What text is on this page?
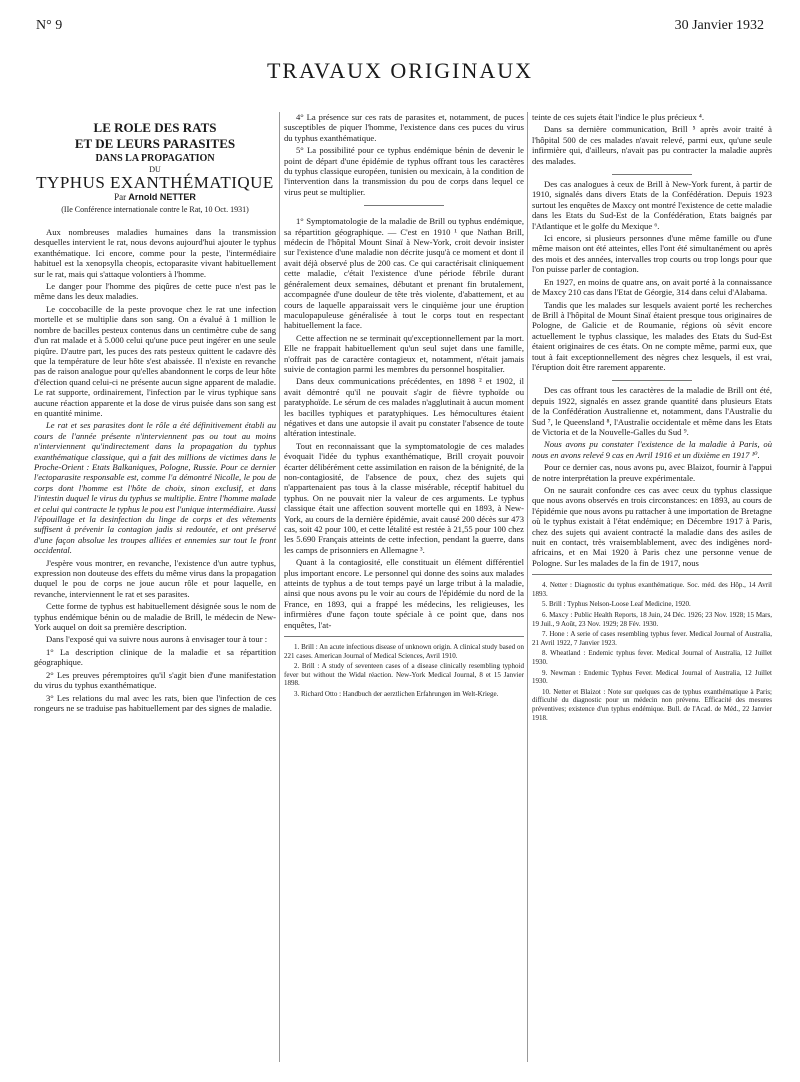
N° 9	30 Janvier 1932
TRAVAUX ORIGINAUX
LE ROLE DES RATS
ET DE LEURS PARASITES
DANS LA PROPAGATION
DU
TYPHUS EXANTHÉMATIQUE
Par Arnold NETTER
(IIe Conférence internationale contre le Rat, 10 Oct. 1931)

Aux nombreuses maladies humaines dans la transmission desquelles intervient le rat, nous devons aujourd'hui ajouter le typhus exanthématique. Ici encore, comme pour la peste, l'intermédiaire habituel est la xenopsylla cheopis, ectoparasite vivant habituellement sur le rat, mais qui s'attaque volontiers à l'homme.

Le danger pour l'homme des piqûres de cette puce n'est pas le même dans les deux maladies.

Le coccobacille de la peste provoque chez le rat une infection mortelle et se multiplie dans son sang. On a évalué à 1 million le nombre de bacilles pesteux contenus dans un centimètre cube de sang d'un rat malade et à 5.000 celui qu'une puce peut ingérer en une seule piqûre. D'autre part, les puces des rats pesteux quittent le cadavre dès que la température de leur hôte s'est abaissée. Il n'existe en revanche pas de raison analogue pour qu'elles abandonnent le corps de leur hôte d'élection quand celui-ci ne présente aucun signe apparent de maladie. Le rat supporte, ordinairement, l'infection par le virus typhique sans aucune réaction apparente et la dose de virus puisée dans son sang est en quantité minime.

Le rat et ses parasites dont le rôle a été définitivement établi au cours de l'année présente n'interviennent pas ou tout au moins n'interviennent qu'indirectement dans la propagation du typhus exanthématique classique, qui a fait des millions de victimes dans le Proche-Orient : Etats Balkaniques, Pologne, Russie. Pour ce dernier l'ectoparasite responsable est, comme l'a démontré Nicolle, le pou de corps dont l'homme est l'hôte de choix, sinon exclusif, et dans l'intestin duquel le virus du typhus se multiplie. Entre l'homme malade et celui qui contracte le typhus le pou est l'unique intermédiaire. Aussi l'épouillage et la desinfection du linge de corps et des vêtements suffisent à prévenir la contagion jadis si redoutée, et ont préservé d'une façon absolue les troupes alliées et ennemies sur tout le front occidental.

J'espère vous montrer, en revanche, l'existence d'un autre typhus, expression non douteuse des effets du même virus dans la propagation duquel le pou de corps ne joue aucun rôle et pour laquelle, en revanche, interviennent le rat et ses parasites.

Cette forme de typhus est habituellement désignée sous le nom de typhus endémique bénin ou de maladie de Brill, le médecin de New-York auquel on doit sa première description.

Dans l'exposé qui va suivre nous aurons à envisager tour à tour :

1° La description clinique de la maladie et sa répartition géographique.

2° Les preuves péremptoires qu'il s'agit bien d'une manifestation du virus du typhus exanthématique.

3° Les relations du mal avec les rats, bien que l'infection de ces rongeurs ne se traduise pas habituellement par des signes de maladie.

4° La présence sur ces rats de parasites et, notamment, de puces susceptibles de piquer l'homme, l'existence dans ces puces du virus du typhus exanthématique.

5° La possibilité pour ce typhus endémique bénin de devenir le point de départ d'une épidémie de typhus offrant tous les caractères du typhus classique européen, tunisien ou mexicain, à la condition de l'intervention dans la transmission du pou de corps dans lequel ce virus peut se multiplier.

1° Symptomatologie de la maladie de Brill ou typhus endémique, sa répartition géographique. — C'est en 1910 ¹ que Nathan Brill, médecin de l'hôpital Mount Sinaï à New-York, croit devoir insister sur l'existence d'une maladie non décrite jusqu'à ce moment et dont il avait déjà observé plus de 200 cas. Ce qui caractérisait cliniquement cette maladie, c'était l'existence d'une période fébrile durant généralement deux semaines, débutant et prenant fin brutalement, accompagnée d'une douleur de tête très violente, d'abattement, et au cours de laquelle apparaissait vers le cinquième jour une éruption maculopapuleuse généralisée à tout le corps tout en respectant habituellement la face.

Cette affection ne se terminait qu'exceptionnellement par la mort. Elle ne frappait habituellement qu'un seul sujet dans une famille, n'offrait pas de caractère contagieux et, notamment, n'était jamais suivie de contagion parmi les membres du personnel hospitalier.

Dans deux communications précédentes, en 1898 ² et 1902, il avait démontré qu'il ne pouvait s'agir de fièvre typhoïde ou paratyphoïde. Le sérum de ces malades n'agglutinait à aucun moment les bacilles typhiques et paratyphiques. Les hémocultures étaient négatives et dans une autopsie il avait pu constater l'absence de toute altération intestinale.

Tout en reconnaissant que la symptomatologie de ces malades évoquait l'idée du typhus exanthématique, Brill croyait pouvoir écarter délibérément cette assimilation en raison de la bénignité, de la non-contagiosité, de l'absence de poux, chez des sujets qui n'appartenaient pas tous à la classe misérable, réceptif habituel du typhus. On ne pouvait nier la valeur de ces arguments. Le typhus classique était une affection souvent mortelle qui en 1893, à New-York, au cours de la dernière épidémie, avait causé 200 décès sur 473 cas, soit 42 pour 100, et cette létalité est restée à 21,55 pour 100 chez les 5.690 Français atteints de cette infection, pendant la guerre, dans les camps de prisonniers en Allemagne ³.

Quant à la contagiosité, elle constituait un élément différentiel plus important encore. Le personnel qui donne des soins aux malades atteints de typhus a de tout temps payé un large tribut à la maladie, ainsi que nous avons pu le voir au cours de l'épidémie du nord de la France, en 1893, qui a frappé les médecins, les religieuses, les infirmières d'une façon toute spéciale à ce point que, dans nos enquêtes, l'at-

1. Brill : An acute infectious disease of unknown origin. A clinical study based on 221 cases. American Journal of Medical Sciences, Avril 1910.

2. Brill : A study of seventeen cases of a disease clinically resembling typhoid fever but without the Widal réaction. New-York Medical Journal, 8 et 15 Janvier 1898.

3. Richard Otto : Handbuch der aerztlichen Erfahrungen im Welt-Kriege.

teinte de ces sujets était l'indice le plus précieux ⁴.

Dans sa dernière communication, Brill ⁵ après avoir traité à l'hôpital 500 de ces malades n'avait relevé, parmi eux, qu'une seule infirmière qui, d'ailleurs, n'avait pas pu contracter la maladie auprès des malades.

Des cas analogues à ceux de Brill à New-York furent, à partir de 1910, signalés dans divers Etats de la Confédération. Depuis 1923 surtout les enquêtes de Maxcy ont montré l'existence de cette maladie dans les Etats du Sud-Est de la Confédération, Etats baignés par l'Atlantique et le golfe du Mexique ⁶.

Ici encore, si plusieurs personnes d'une même famille ou d'une même maison ont été atteintes, elles l'ont été simultanément ou après des mois et des années, intervalles trop courts ou trop longs pour que l'on puisse parler de contagion.

En 1927, en moins de quatre ans, on avait porté à la connaissance de Maxcy 210 cas dans l'Etat de Géorgie, 314 dans celui d'Alabama.

Tandis que les malades sur lesquels avaient porté les recherches de Brill à l'hôpital de Mount Sinaï étaient presque tous originaires de Pologne, de Galicie et de Roumanie, régions où sévit encore actuellement le typhus classique, les malades des Etats du Sud-Est étaient originaires de ces états. On ne compte même, parmi eux, que tout à fait exceptionnellement des nègres chez lesquels, il est vrai, l'éruption doit être rarement apparente.

Des cas offrant tous les caractères de la maladie de Brill ont été, depuis 1922, signalés en assez grande quantité dans plusieurs Etats de la Confédération Australienne et, notamment, dans l'Australie du Sud ⁷, le Queensland ⁸, l'Australie occidentale et même dans les Etats de Victoria et de la Nouvelle-Galles du Sud ⁹.

Nous avons pu constater l'existence de la maladie à Paris, où nous en avons relevé 9 cas en Avril 1916 et un dixième en 1917 ¹⁰.

Pour ce dernier cas, nous avons pu, avec Blaizot, fournir à l'appui de notre interprétation la preuve expérimentale.

On ne saurait confondre ces cas avec ceux du typhus classique que nous avons observés en trois circonstances: en 1893, au cours de l'épidémie que nous avons pu rattacher à une importation de Bretagne où le typhus existait à l'état endémique; en Décembre 1917 à Paris, chez des sujets qui avaient contracté la maladie dans des asiles de nuit en contact, très vraisemblablement, avec des indigènes nord-africains, et en Mai 1920 à Paris chez une personne venue de Pologne. Sur les malades de la fin de 1917, nous

4. Netter : Diagnostic du typhus exanthématique. Soc. méd. des Hôp., 14 Avril 1893.

5. Brill : Typhus Nelson-Loose Leaf Medicine, 1920.

6. Maxcy : Public Health Reports, 18 Juin, 24 Déc. 1926; 23 Nov. 1928; 15 Mars, 19 Juil., 9 Août, 23 Nov. 1929; 28 Fév. 1930.

7. Hone : A serie of cases resembling typhus fever. Medical Journal of Australia, 21 Avril 1922, 7 Janvier 1923.

8. Wheatland : Endemic typhus fever. Medical Journal of Australia, 12 Juillet 1930.

9. Newman : Endemic Typhus Fever. Medical Journal of Australia, 12 Juillet 1930.

10. Netter et Blaizot : Note sur quelques cas de typhus exanthématique à Paris; difficulté du diagnostic pour un médecin non prévenu. Efficacité des mesures préventives; existence d'un typhus endémique. Bull. de l'Acad. de Méd., 22 Janvier 1918.
